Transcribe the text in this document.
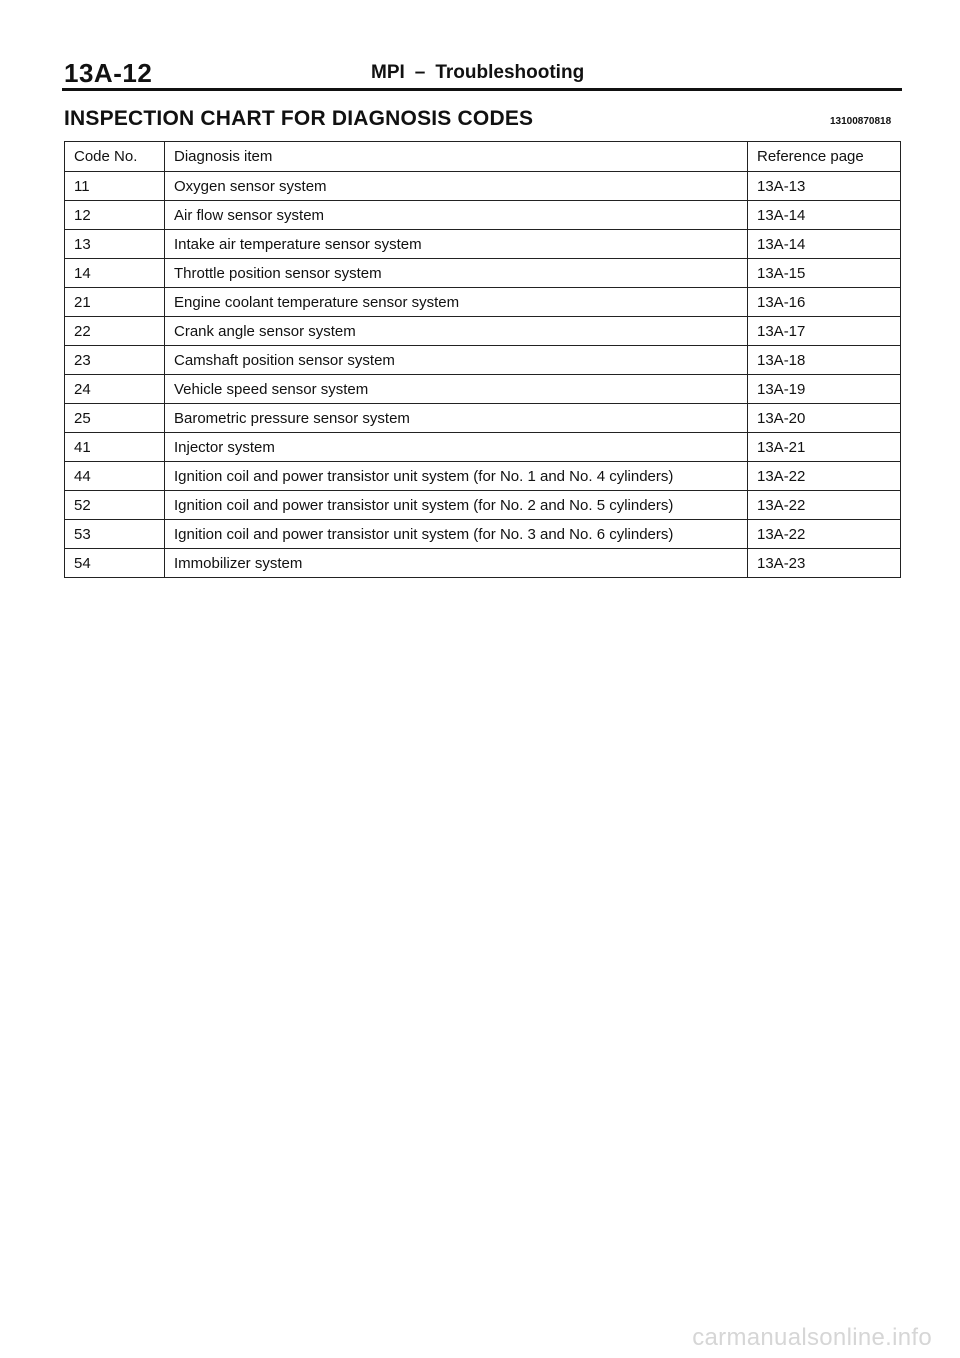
13A-12	MPI – Troubleshooting
INSPECTION CHART FOR DIAGNOSIS CODES	13100870818
Code No.	Diagnosis item	Reference page
11	Oxygen sensor system	13A-13
12	Air flow sensor system	13A-14
13	Intake air temperature sensor system	13A-14
14	Throttle position sensor system	13A-15
21	Engine coolant temperature sensor system	13A-16
22	Crank angle sensor system	13A-17
23	Camshaft position sensor system	13A-18
24	Vehicle speed sensor system	13A-19
25	Barometric pressure sensor system	13A-20
41	Injector system	13A-21
44	Ignition coil and power transistor unit system (for No. 1 and No. 4 cylinders)	13A-22
52	Ignition coil and power transistor unit system (for No. 2 and No. 5 cylinders)	13A-22
53	Ignition coil and power transistor unit system (for No. 3 and No. 6 cylinders)	13A-22
54	Immobilizer system	13A-23
carmanualsonline.info
